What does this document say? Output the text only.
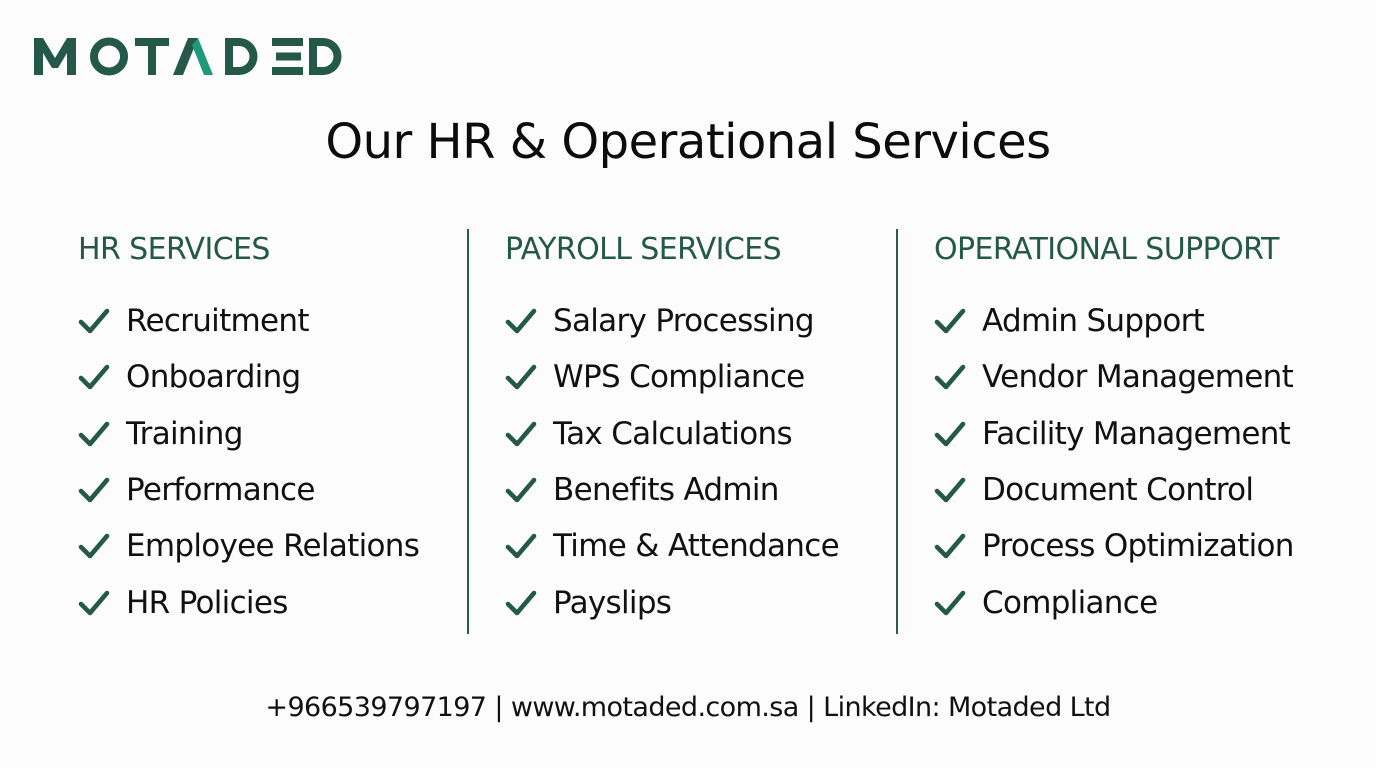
Our HR & Operational Services
HR SERVICES
Recruitment
Onboarding
Training
Performance
Employee Relations
HR Policies
PAYROLL SERVICES
Salary Processing
WPS Compliance
Tax Calculations
Benefits Admin
Time & Attendance
Payslips
OPERATIONAL SUPPORT
Admin Support
Vendor Management
Facility Management
Document Control
Process Optimization
Compliance
+966539797197 | www.motaded.com.sa | LinkedIn: Motaded Ltd
